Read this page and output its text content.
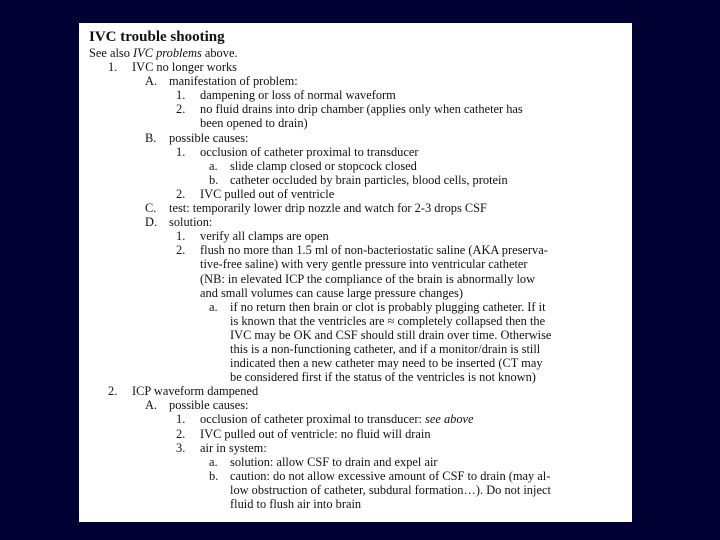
IVC trouble shooting
See also IVC problems above.
1. IVC no longer works
A. manifestation of problem:
1. dampening or loss of normal waveform
2. no fluid drains into drip chamber (applies only when catheter has
been opened to drain)
B. possible causes:
1. occlusion of catheter proximal to transducer
a. slide clamp closed or stopcock closed
b. catheter occluded by brain particles, blood cells, protein
2. IVC pulled out of ventricle
C. test: temporarily lower drip nozzle and watch for 2-3 drops CSF
D. solution:
1. verify all clamps are open
2. flush no more than 1.5 ml of non-bacteriostatic saline (AKA preserva-
tive-free saline) with very gentle pressure into ventricular catheter
(NB: in elevated ICP the compliance of the brain is abnormally low
and small volumes can cause large pressure changes)
a. if no return then brain or clot is probably plugging catheter. If it
is known that the ventricles are ≈ completely collapsed then the
IVC may be OK and CSF should still drain over time. Otherwise
this is a non-functioning catheter, and if a monitor/drain is still
indicated then a new catheter may need to be inserted (CT may
be considered first if the status of the ventricles is not known)
2. ICP waveform dampened
A. possible causes:
1. occlusion of catheter proximal to transducer: see above
2. IVC pulled out of ventricle: no fluid will drain
3. air in system:
a. solution: allow CSF to drain and expel air
b. caution: do not allow excessive amount of CSF to drain (may al-
low obstruction of catheter, subdural formation…). Do not inject
fluid to flush air into brain
